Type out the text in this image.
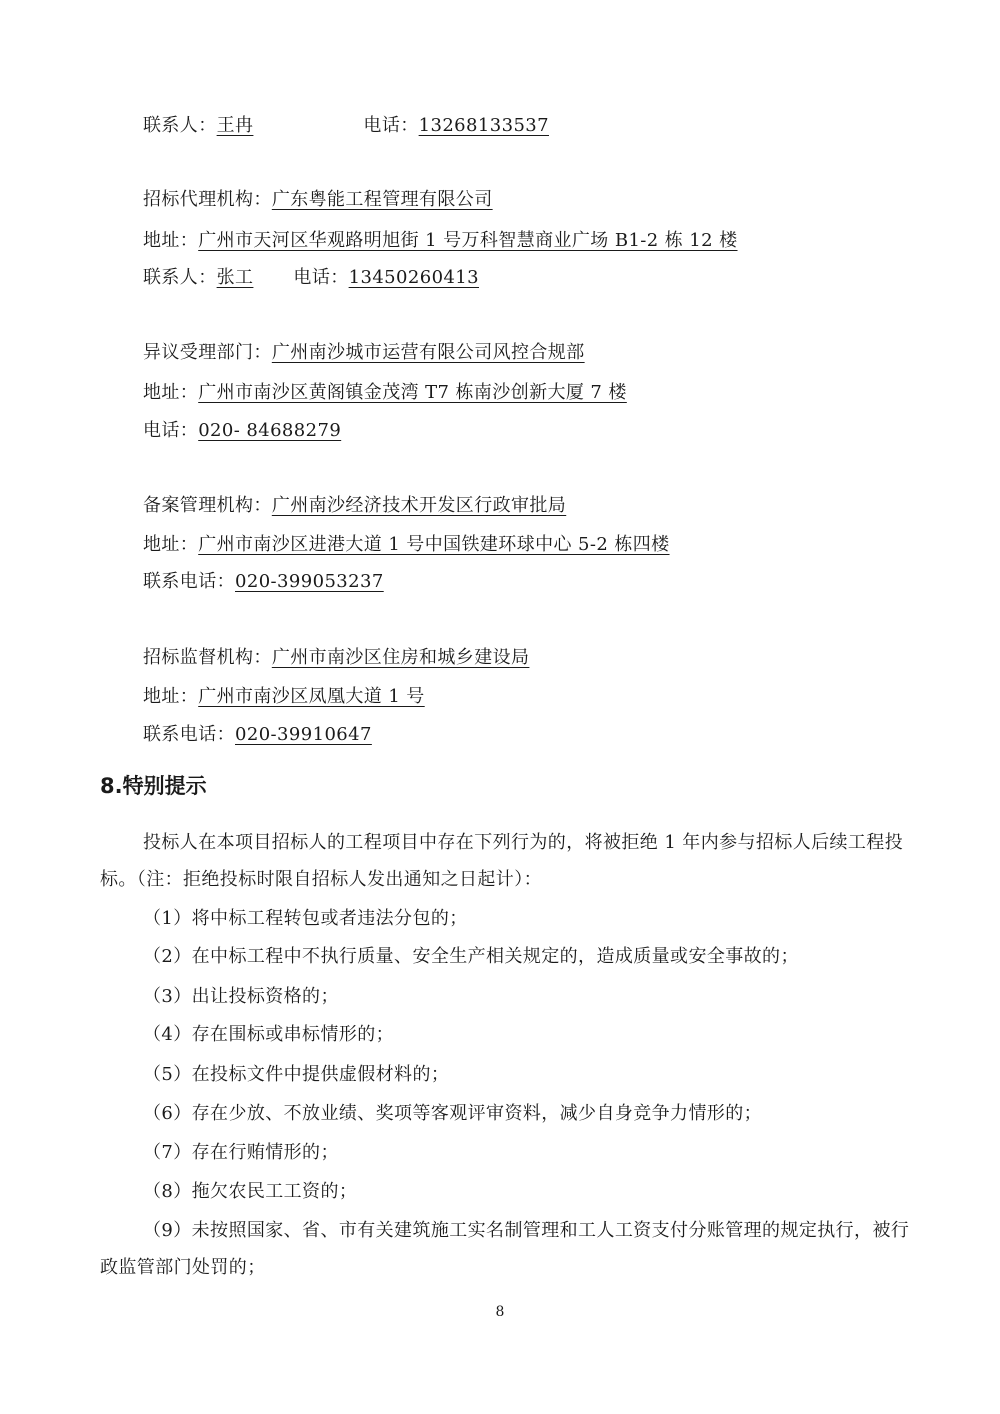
联系人：王冉	电话：13268133537
招标代理机构：广东粤能工程管理有限公司
地址：广州市天河区华观路明旭街 1 号万科智慧商业广场 B1-2 栋 12 楼
联系人：张工 电话：13450260413
异议受理部门：广州南沙城市运营有限公司风控合规部
地址：广州市南沙区黄阁镇金茂湾 T7 栋南沙创新大厦 7 楼
电话：020- 84688279
备案管理机构：广州南沙经济技术开发区行政审批局
地址：广州市南沙区进港大道 1 号中国铁建环球中心 5-2 栋四楼
联系电话：020-399053237
招标监督机构：广州市南沙区住房和城乡建设局
地址：广州市南沙区凤凰大道 1 号
联系电话：020-39910647
8.特别提示
投标人在本项目招标人的工程项目中存在下列行为的，将被拒绝 1 年内参与招标人后续工程投标。（注：拒绝投标时限自招标人发出通知之日起计）：
（1）将中标工程转包或者违法分包的；
（2）在中标工程中不执行质量、安全生产相关规定的，造成质量或安全事故的；
（3）出让投标资格的；
（4）存在围标或串标情形的；
（5）在投标文件中提供虚假材料的；
（6）存在少放、不放业绩、奖项等客观评审资料，减少自身竞争力情形的；
（7）存在行贿情形的；
（8）拖欠农民工工资的；
（9）未按照国家、省、市有关建筑施工实名制管理和工人工资支付分账管理的规定执行，被行政监管部门处罚的；
8
